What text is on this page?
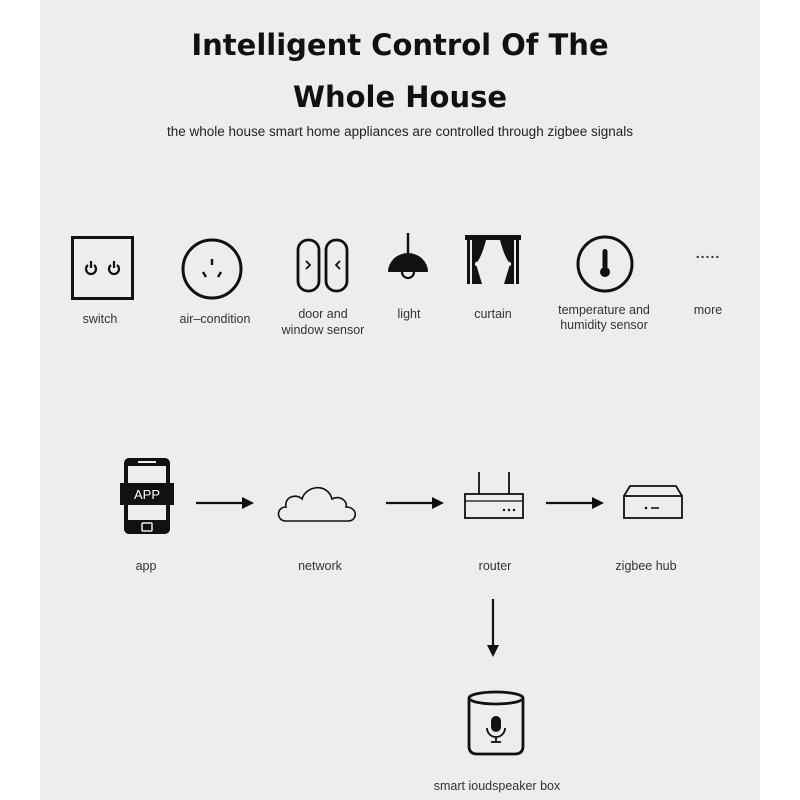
Intelligent Control Of The
Whole House
the whole house smart home appliances are controlled through zigbee signals
switch	air–condition	door and
window sensor
light	curtain	temperature and
humidity sensor
.....
more
APP
app	network	router	zigbee hub
smart ioudspeaker box
